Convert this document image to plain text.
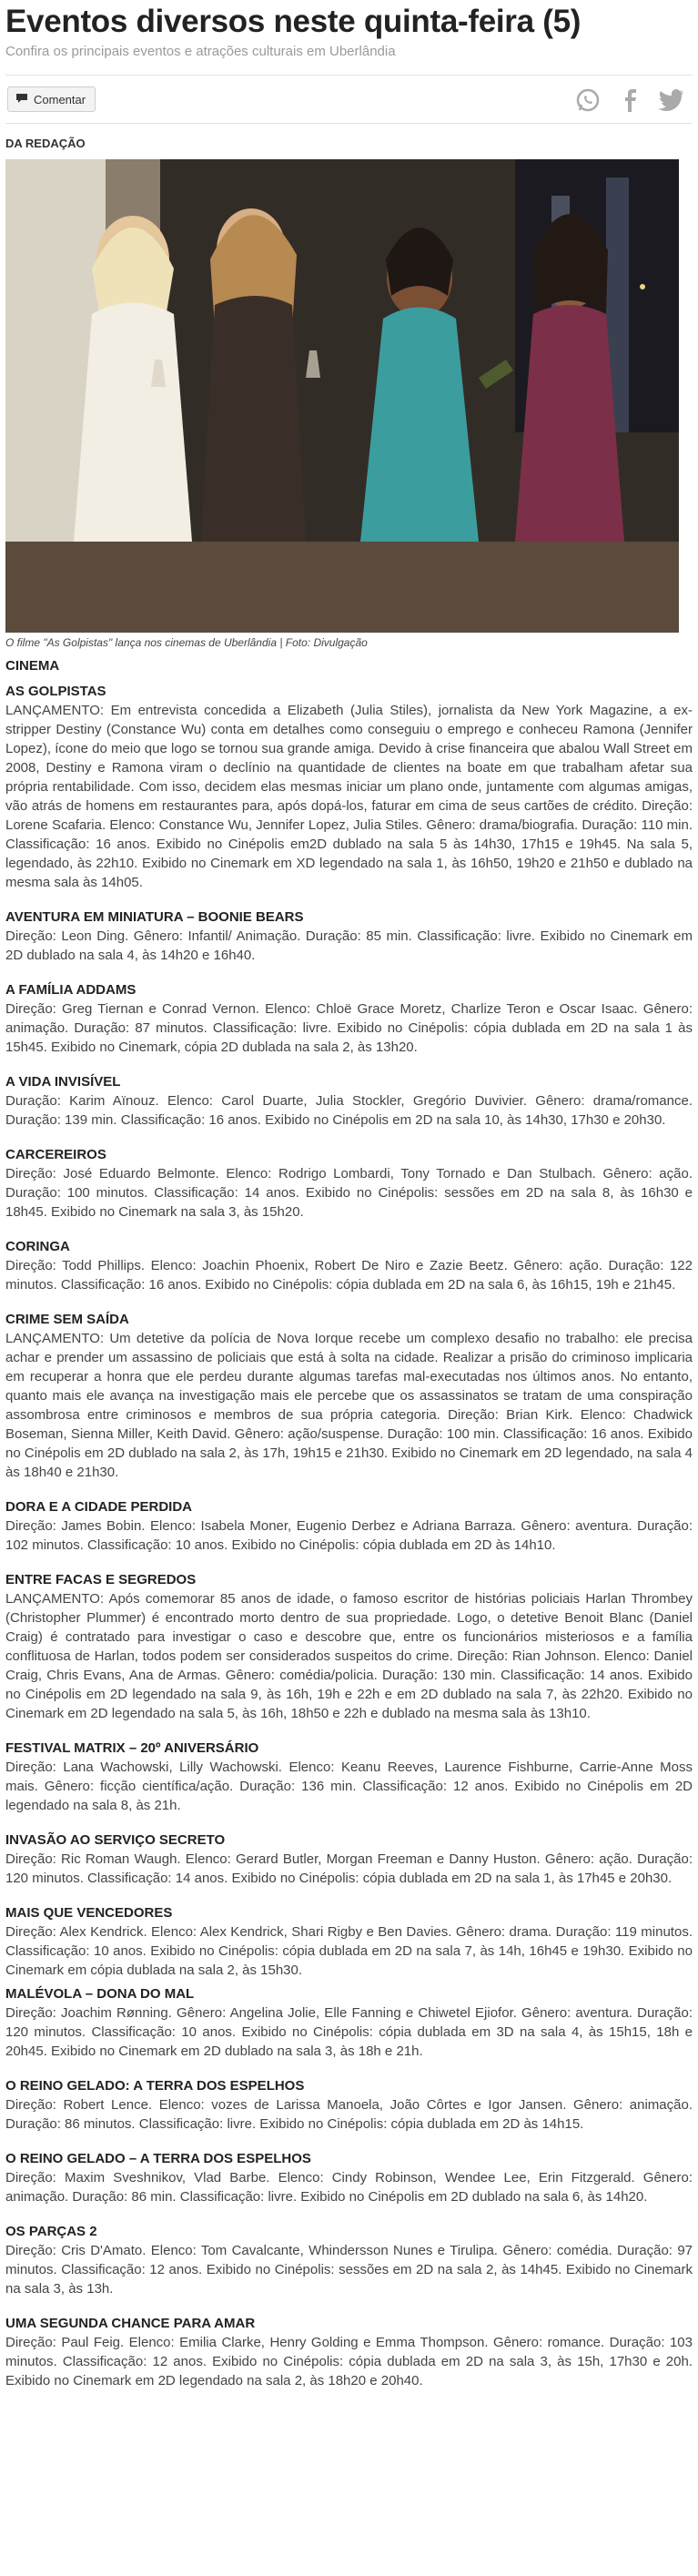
Eventos diversos neste quinta-feira (5)
Confira os principais eventos e atrações culturais em Uberlândia
Comentar
DA REDAÇÃO
O filme "As Golpistas" lança nos cinemas de Uberlândia | Foto: Divulgação
CINEMA
AS GOLPISTAS

LANÇAMENTO: Em entrevista concedida a Elizabeth (Julia Stiles), jornalista da New York Magazine, a ex-stripper Destiny (Constance Wu) conta em detalhes como conseguiu o emprego e conheceu Ramona (Jennifer Lopez), ícone do meio que logo se tornou sua grande amiga. Devido à crise financeira que abalou Wall Street em 2008, Destiny e Ramona viram o declínio na quantidade de clientes na boate em que trabalham afetar sua própria rentabilidade. Com isso, decidem elas mesmas iniciar um plano onde, juntamente com algumas amigas, vão atrás de homens em restaurantes para, após dopá-los, faturar em cima de seus cartões de crédito. Direção: Lorene Scafaria. Elenco: Constance Wu, Jennifer Lopez, Julia Stiles. Gênero: drama/biografia. Duração: 110 min. Classificação: 16 anos. Exibido no Cinépolis em2D dublado na sala 5 às 14h30, 17h15 e 19h45. Na sala 5, legendado, às 22h10. Exibido no Cinemark em XD legendado na sala 1, às 16h50, 19h20 e 21h50 e dublado na mesma sala às 14h05.

AVENTURA EM MINIATURA – BOONIE BEARS

Direção: Leon Ding. Gênero: Infantil/ Animação. Duração: 85 min. Classificação: livre. Exibido no Cinemark em 2D dublado na sala 4, às 14h20 e 16h40.

A FAMÍLIA ADDAMS

Direção: Greg Tiernan e Conrad Vernon. Elenco: Chloë Grace Moretz, Charlize Teron e Oscar Isaac. Gênero: animação. Duração: 87 minutos. Classificação: livre. Exibido no Cinépolis: cópia dublada em 2D na sala 1 às 15h45. Exibido no Cinemark, cópia 2D dublada na sala 2, às 13h20.

A VIDA INVISÍVEL

Duração: Karim Aïnouz. Elenco: Carol Duarte, Julia Stockler, Gregório Duvivier. Gênero: drama/romance. Duração: 139 min. Classificação: 16 anos. Exibido no Cinépolis em 2D na sala 10, às 14h30, 17h30 e 20h30.

CARCEREIROS

Direção: José Eduardo Belmonte. Elenco: Rodrigo Lombardi, Tony Tornado e Dan Stulbach. Gênero: ação. Duração: 100 minutos. Classificação: 14 anos. Exibido no Cinépolis: sessões em 2D na sala 8, às 16h30 e 18h45. Exibido no Cinemark na sala 3, às 15h20.

CORINGA

Direção: Todd Phillips. Elenco: Joachin Phoenix, Robert De Niro e Zazie Beetz. Gênero: ação. Duração: 122 minutos. Classificação: 16 anos. Exibido no Cinépolis: cópia dublada em 2D na sala 6, às 16h15, 19h e 21h45.

CRIME SEM SAÍDA

LANÇAMENTO: Um detetive da polícia de Nova Iorque recebe um complexo desafio no trabalho: ele precisa achar e prender um assassino de policiais que está à solta na cidade. Realizar a prisão do criminoso implicaria em recuperar a honra que ele perdeu durante algumas tarefas mal-executadas nos últimos anos. No entanto, quanto mais ele avança na investigação mais ele percebe que os assassinatos se tratam de uma conspiração assombrosa entre criminosos e membros de sua própria categoria. Direção: Brian Kirk. Elenco: Chadwick Boseman, Sienna Miller, Keith David. Gênero: ação/suspense. Duração: 100 min. Classificação: 16 anos. Exibido no Cinépolis em 2D dublado na sala 2, às 17h, 19h15 e 21h30. Exibido no Cinemark em 2D legendado, na sala 4 às 18h40 e 21h30.

DORA E A CIDADE PERDIDA

Direção: James Bobin. Elenco: Isabela Moner, Eugenio Derbez e Adriana Barraza. Gênero: aventura. Duração: 102 minutos. Classificação: 10 anos. Exibido no Cinépolis: cópia dublada em 2D às 14h10.

ENTRE FACAS E SEGREDOS

LANÇAMENTO: Após comemorar 85 anos de idade, o famoso escritor de histórias policiais Harlan Thrombey (Christopher Plummer) é encontrado morto dentro de sua propriedade. Logo, o detetive Benoit Blanc (Daniel Craig) é contratado para investigar o caso e descobre que, entre os funcionários misteriosos e a família conflituosa de Harlan, todos podem ser considerados suspeitos do crime. Direção: Rian Johnson. Elenco: Daniel Craig, Chris Evans, Ana de Armas. Gênero: comédia/policia. Duração: 130 min. Classificação: 14 anos. Exibido no Cinépolis em 2D legendado na sala 9, às 16h, 19h e 22h e em 2D dublado na sala 7, às 22h20. Exibido no Cinemark em 2D legendado na sala 5, às 16h, 18h50 e 22h e dublado na mesma sala às 13h10.

FESTIVAL MATRIX – 20º ANIVERSÁRIO

Direção: Lana Wachowski, Lilly Wachowski. Elenco: Keanu Reeves, Laurence Fishburne, Carrie-Anne Moss mais. Gênero: ficção científica/ação. Duração: 136 min. Classificação: 12 anos. Exibido no Cinépolis em 2D legendado na sala 8, às 21h.

INVASÃO AO SERVIÇO SECRETO

Direção: Ric Roman Waugh. Elenco: Gerard Butler, Morgan Freeman e Danny Huston. Gênero: ação. Duração: 120 minutos. Classificação: 14 anos. Exibido no Cinépolis: cópia dublada em 2D na sala 1, às 17h45 e 20h30.

MAIS QUE VENCEDORES

Direção: Alex Kendrick. Elenco: Alex Kendrick, Shari Rigby e Ben Davies. Gênero: drama. Duração: 119 minutos. Classificação: 10 anos. Exibido no Cinépolis: cópia dublada em 2D na sala 7, às 14h, 16h45 e 19h30. Exibido no Cinemark em cópia dublada na sala 2, às 15h30.

MALÉVOLA – DONA DO MAL

Direção: Joachim Rønning. Gênero: Angelina Jolie, Elle Fanning e Chiwetel Ejiofor. Gênero: aventura. Duração: 120 minutos. Classificação: 10 anos. Exibido no Cinépolis: cópia dublada em 3D na sala 4, às 15h15, 18h e 20h45. Exibido no Cinemark em 2D dublado na sala 3, às 18h e 21h.

O REINO GELADO: A TERRA DOS ESPELHOS

Direção: Robert Lence. Elenco: vozes de Larissa Manoela, João Côrtes e Igor Jansen. Gênero: animação. Duração: 86 minutos. Classificação: livre. Exibido no Cinépolis: cópia dublada em 2D às 14h15.

O REINO GELADO – A TERRA DOS ESPELHOS

Direção: Maxim Sveshnikov, Vlad Barbe. Elenco: Cindy Robinson, Wendee Lee, Erin Fitzgerald. Gênero: animação. Duração: 86 min. Classificação: livre. Exibido no Cinépolis em 2D dublado na sala 6, às 14h20.

OS PARÇAS 2

Direção: Cris D'Amato. Elenco: Tom Cavalcante, Whindersson Nunes e Tirulipa. Gênero: comédia. Duração: 97 minutos. Classificação: 12 anos. Exibido no Cinépolis: sessões em 2D na sala 2, às 14h45. Exibido no Cinemark na sala 3, às 13h.

UMA SEGUNDA CHANCE PARA AMAR

Direção: Paul Feig. Elenco: Emilia Clarke, Henry Golding e Emma Thompson. Gênero: romance. Duração: 103 minutos. Classificação: 12 anos. Exibido no Cinépolis: cópia dublada em 2D na sala 3, às 15h, 17h30 e 20h. Exibido no Cinemark em 2D legendado na sala 2, às 18h20 e 20h40.
